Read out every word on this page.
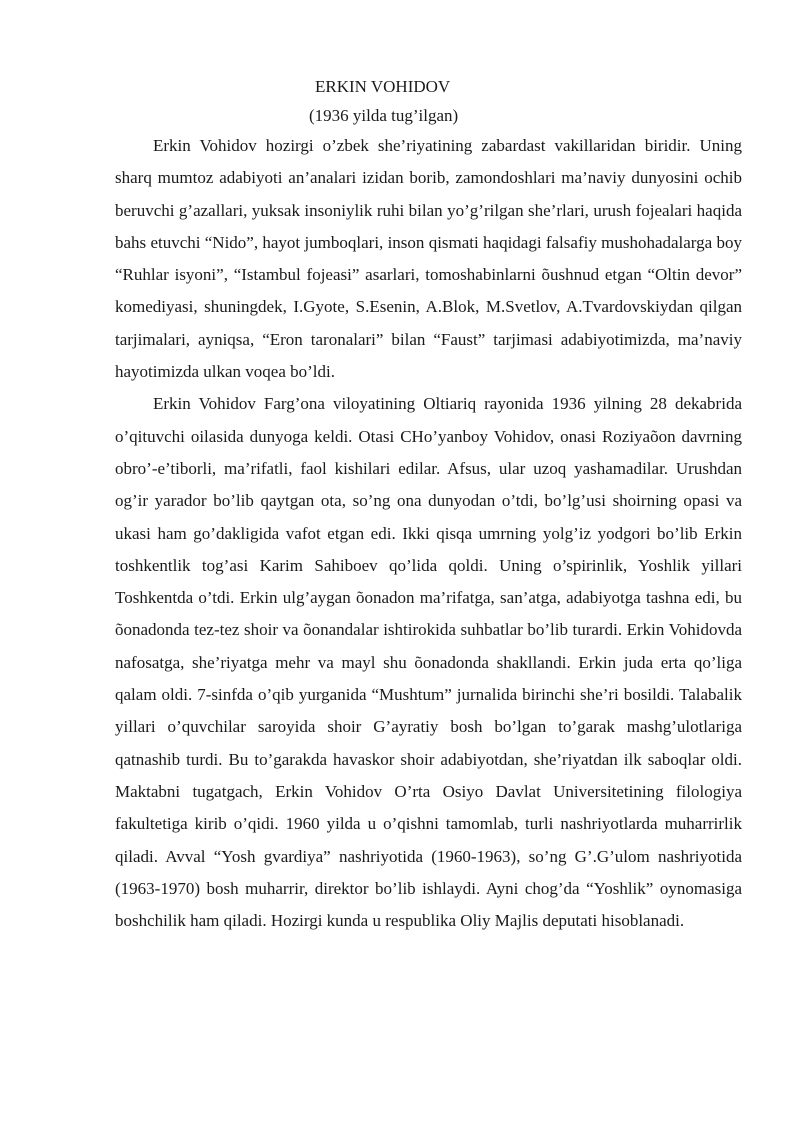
ERKIN VOHIDOV

(1936 yilda tug’ilgan)

Erkin Vohidov hozirgi o’zbek she’riyatining zabardast vakillaridan biridir. Uning sharq mumtoz adabiyoti an’analari izidan borib, zamondoshlari ma’naviy dunyosini ochib beruvchi g’azallari, yuksak insoniylik ruhi bilan yo’g’rilgan she’rlari, urush fojealari haqida bahs etuvchi “Nido”, hayot jumboqlari, inson qismati haqidagi falsafiy mushohadalarga boy “Ruhlar isyoni”, “Istambul fojeasi” asarlari, tomoshabinlarni õushnud etgan “Oltin devor” komediyasi, shuningdek, I.Gyote, S.Esenin, A.Blok, M.Svetlov, A.Tvardovskiydan qilgan tarjimalari, ayniqsa, “Eron taronalari” bilan “Faust” tarjimasi adabiyotimizda, ma’naviy hayotimizda ulkan voqea bo’ldi.

Erkin Vohidov Farg’ona viloyatining Oltiariq rayonida 1936 yilning 28 dekabrida o’qituvchi oilasida dunyoga keldi. Otasi CHo’yanboy Vohidov, onasi Roziyaõon davrning obro’-e’tiborli, ma’rifatli, faol kishilari edilar. Afsus, ular uzoq yashamadilar. Urushdan og’ir yarador bo’lib qaytgan ota, so’ng ona dunyodan o’tdi, bo’lg’usi shoirning opasi va ukasi ham go’dakligida vafot etgan edi. Ikki qisqa umrning yolg’iz yodgori bo’lib Erkin toshkentlik tog’asi Karim Sahiboev qo’lida qoldi. Uning o’spirinlik, Yoshlik yillari Toshkentda o’tdi. Erkin ulg’aygan õonadon ma’rifatga, san’atga, adabiyotga tashna edi, bu õonadonda tez-tez shoir va õonandalar ishtirokida suhbatlar bo’lib turardi. Erkin Vohidovda nafosatga, she’riyatga mehr va mayl shu õonadonda shakllandi. Erkin juda erta qo’liga qalam oldi. 7-sinfda o’qib yurganida “Mushtum” jurnalida birinchi she’ri bosildi. Talabalik yillari o’quvchilar saroyida shoir G’ayratiy bosh bo’lgan to’garak mashg’ulotlariga qatnashib turdi. Bu to’garakda havaskor shoir adabiyotdan, she’riyatdan ilk saboqlar oldi. Maktabni tugatgach, Erkin Vohidov O’rta Osiyo Davlat Universitetining filologiya fakultetiga kirib o’qidi. 1960 yilda u o’qishni tamomlab, turli nashriyotlarda muharrirlik qiladi. Avval “Yosh gvardiya” nashriyotida (1960-1963), so’ng G’.G’ulom nashriyotida (1963-1970) bosh muharrir, direktor bo’lib ishlaydi. Ayni chog’da “Yoshlik” oynomasiga boshchilik ham qiladi. Hozirgi kunda u respublika Oliy Majlis deputati hisoblanadi.
